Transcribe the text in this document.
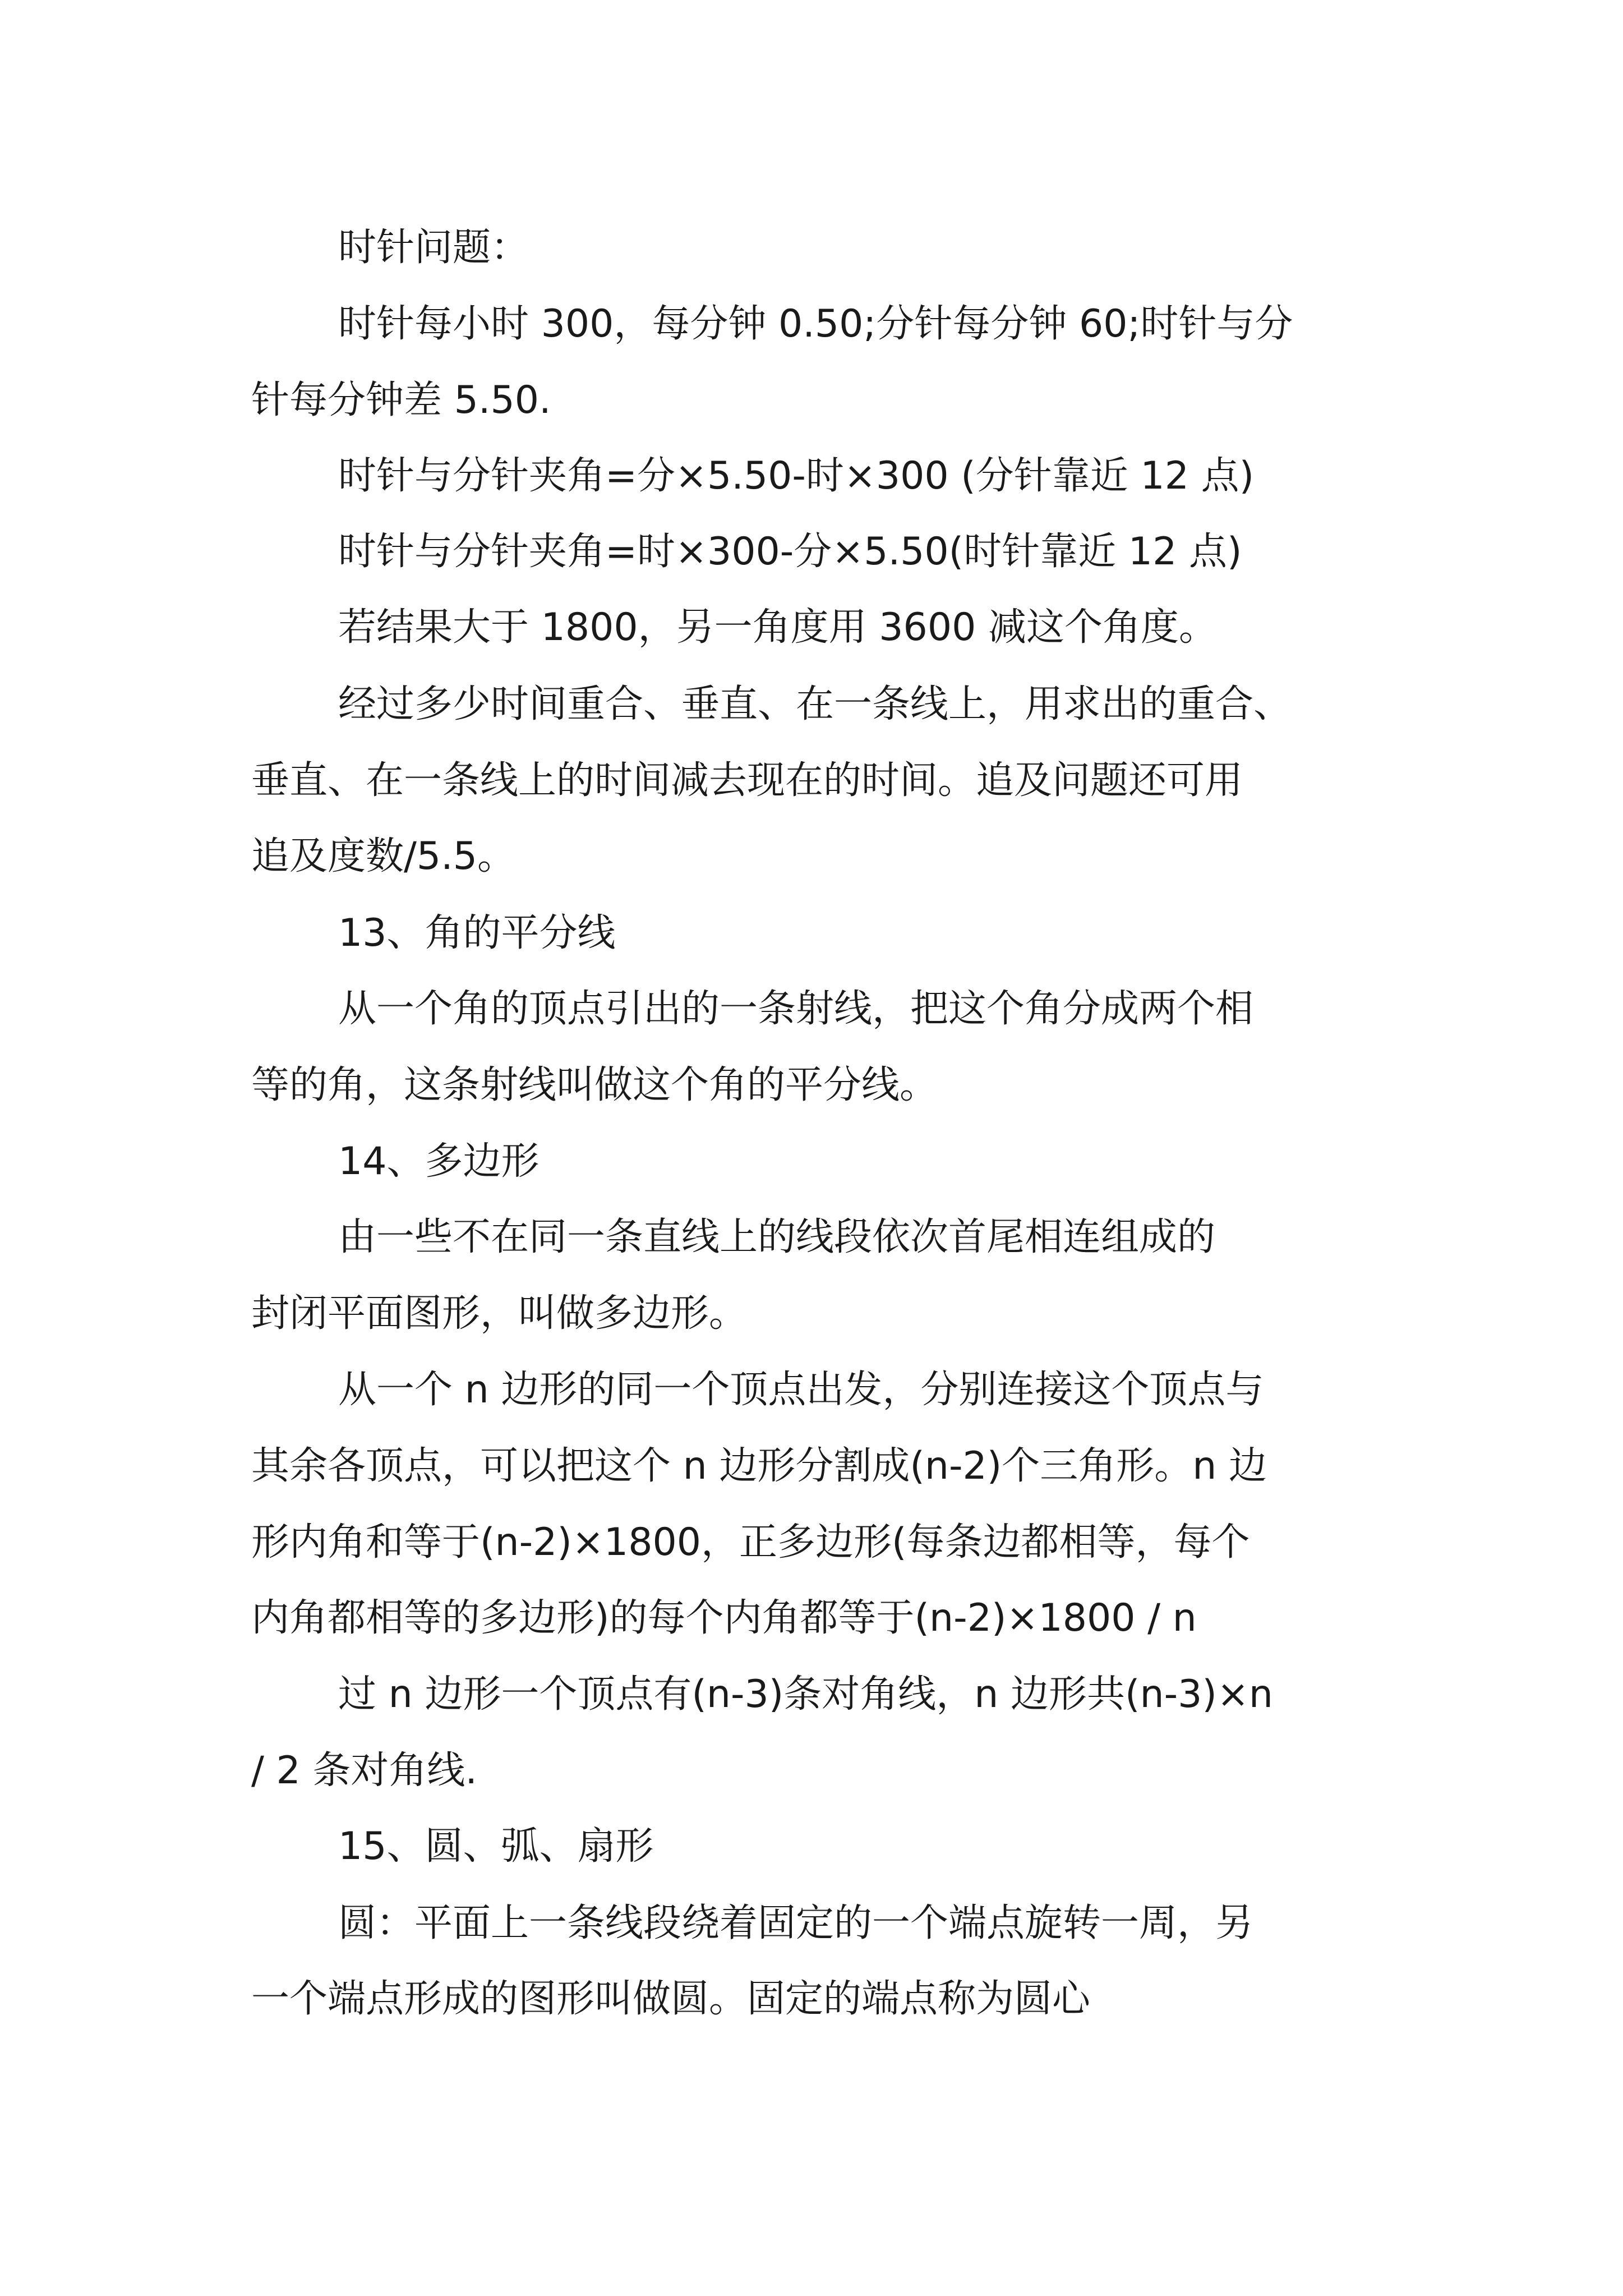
时针问题：
时针每小时 300，每分钟 0.50;分针每分钟 60;时针与分
针每分钟差 5.50.
时针与分针夹角=分×5.50-时×300 (分针靠近 12 点)
时针与分针夹角=时×300-分×5.50(时针靠近 12 点)
若结果大于 1800，另一角度用 3600 减这个角度。
经过多少时间重合、垂直、在一条线上，用求出的重合、
垂直、在一条线上的时间减去现在的时间。追及问题还可用
追及度数/5.5。
13、角的平分线
从一个角的顶点引出的一条射线，把这个角分成两个相
等的角，这条射线叫做这个角的平分线。
14、多边形
由一些不在同一条直线上的线段依次首尾相连组成的
封闭平面图形，叫做多边形。
从一个 n 边形的同一个顶点出发，分别连接这个顶点与
其余各顶点，可以把这个 n 边形分割成(n-2)个三角形。n 边
形内角和等于(n-2)×1800，正多边形(每条边都相等，每个
内角都相等的多边形)的每个内角都等于(n-2)×1800 / n
过 n 边形一个顶点有(n-3)条对角线，n 边形共(n-3)×n
/ 2 条对角线.
15、圆、弧、扇形
圆：平面上一条线段绕着固定的一个端点旋转一周，另
一个端点形成的图形叫做圆。固定的端点称为圆心
